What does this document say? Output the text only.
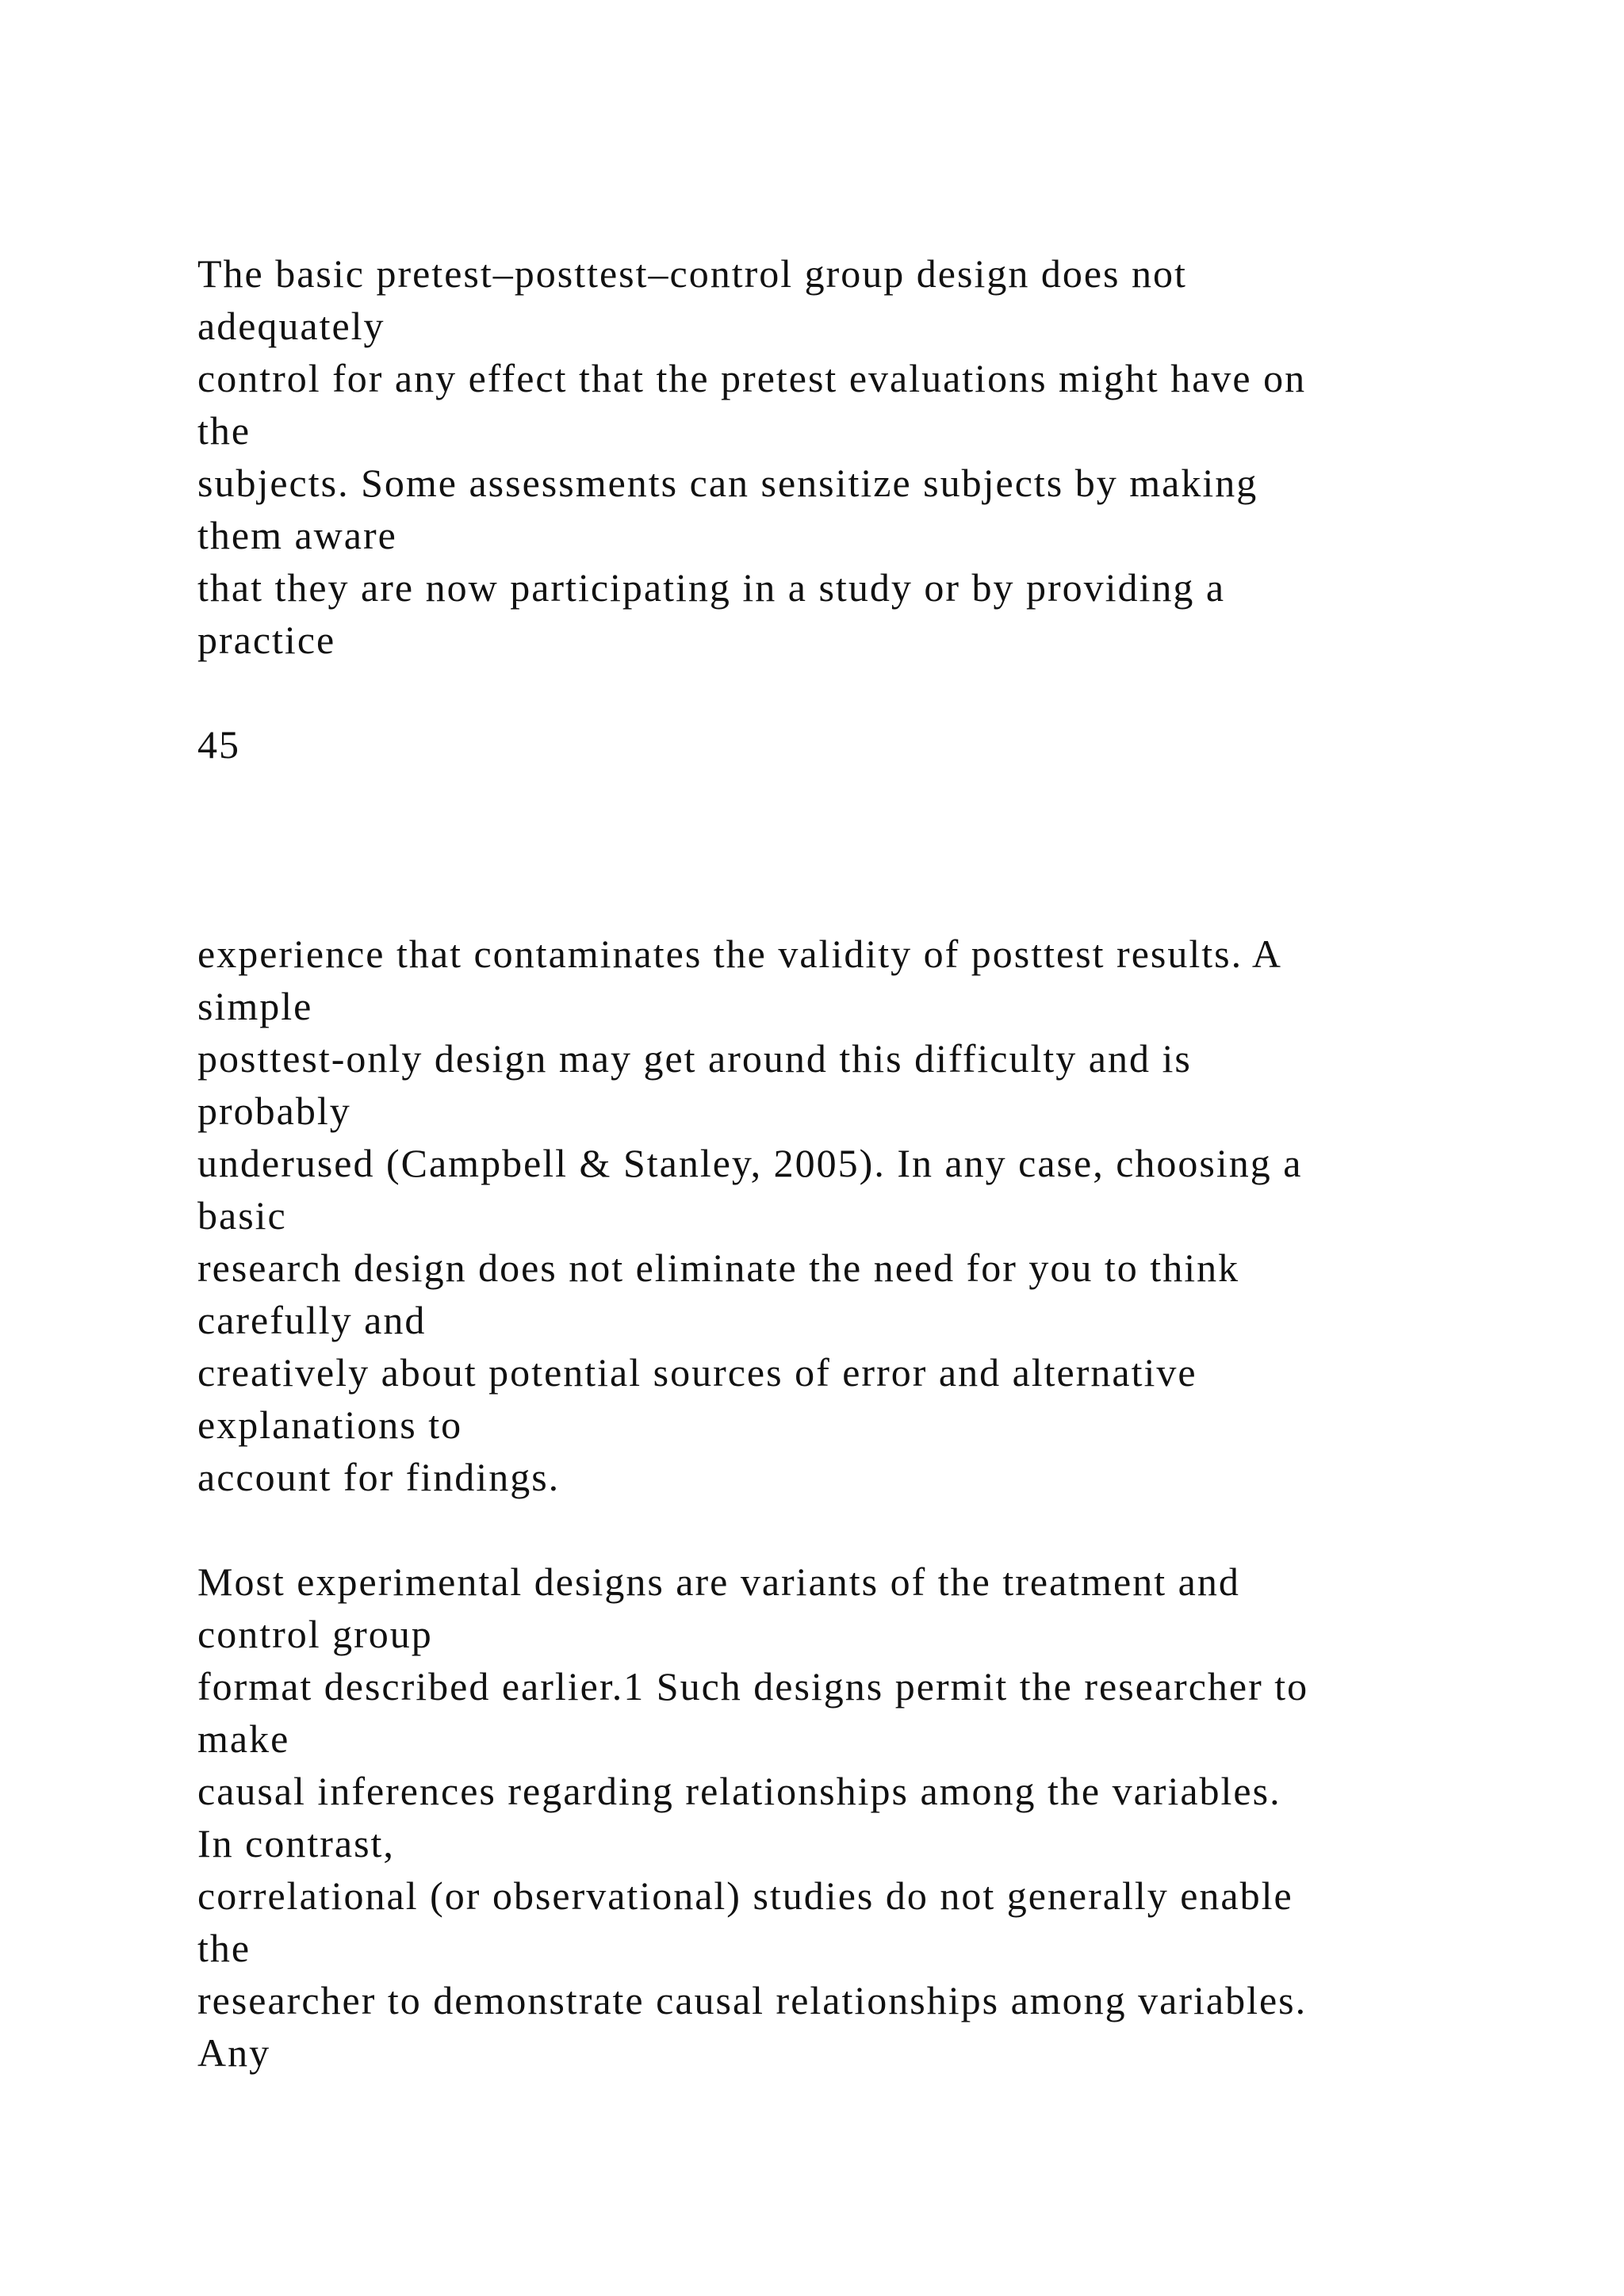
The basic pretest–posttest–control group design does not
adequately
control for any effect that the pretest evaluations might have on
the
subjects. Some assessments can sensitize subjects by making
them aware
that they are now participating in a study or by providing a
practice
45
experience that contaminates the validity of posttest results. A
simple
posttest-only design may get around this difficulty and is
probably
underused (Campbell & Stanley, 2005). In any case, choosing a
basic
research design does not eliminate the need for you to think
carefully and
creatively about potential sources of error and alternative
explanations to
account for findings.
Most experimental designs are variants of the treatment and
control group
format described earlier.1 Such designs permit the researcher to
make
causal inferences regarding relationships among the variables.
In contrast,
correlational (or observational) studies do not generally enable
the
researcher to demonstrate causal relationships among variables.
Any
